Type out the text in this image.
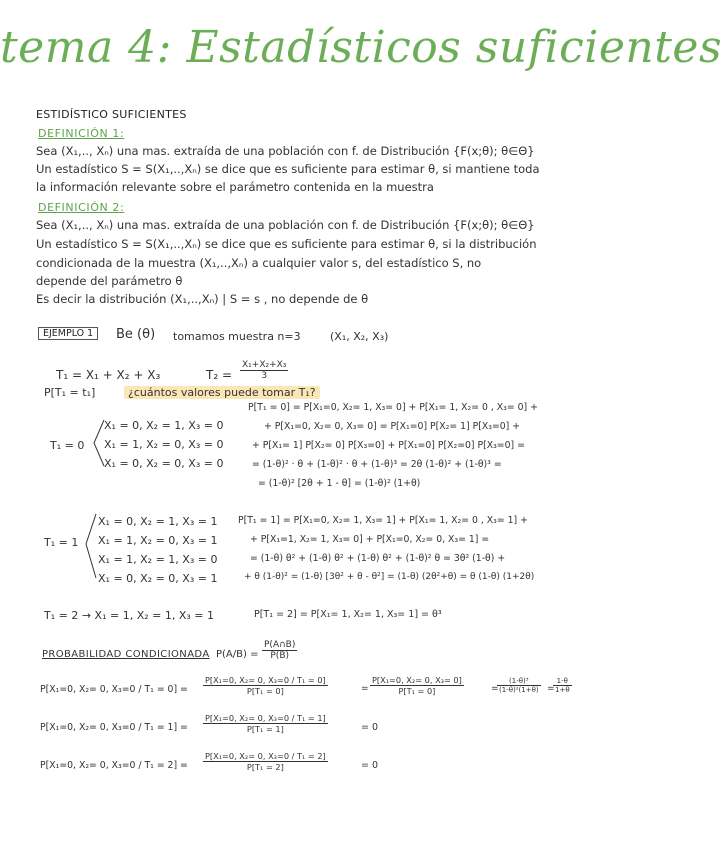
tema 4: Estadísticos suficientes
ESTIDÍSTICO SUFICIENTES
DEFINICIÓN 1:
Sea (X₁,.., Xₙ) una mas. extraída de una población con f. de Distribución {F(x;θ); θ∈Θ}
Un estadístico S = S(X₁,..,Xₙ) se dice que es suficiente para estimar θ, si mantiene toda
la información relevante sobre el parámetro contenida en la muestra
DEFINICIÓN 2:
Sea (X₁,.., Xₙ) una mas. extraída de una población con f. de Distribución {F(x;θ); θ∈Θ}
Un estadístico S = S(X₁,..,Xₙ) se dice que es suficiente para estimar θ, si la distribución
condicionada de la muestra (X₁,..,Xₙ) a cualquier valor s, del estadístico S, no
depende del parámetro θ
Es decir la distribución (X₁,..,Xₙ) | S = s , no depende de θ
EJEMPLO 1	Be (θ) tomamos muestra n=3	(X₁, X₂, X₃)
T₁ = X₁ + X₂ + X₃	$T_2 = \frac{\text{X₁+X₂+X₃}}{3}$
P[T₁ = t₁]	¿cuántos valores puede tomar T₁?
T₁ = 0
X₁ = 0, X₂ = 1, X₃ = 0
X₁ = 1, X₂ = 0, X₃ = 0
X₁ = 0, X₂ = 0, X₃ = 0
P[T₁ = 0] = P[X₁=0, X₂= 1, X₃= 0] + P[X₁= 1, X₂= 0 , X₃= 0] +
+ P[X₁=0, X₂= 0, X₃= 0] = P[X₁=0] P[X₂= 1] P[X₃=0] +
+ P[X₁= 1] P[X₂= 0] P[X₃=0] + P[X₁=0] P[X₂=0] P[X₃=0] =
= (1-θ)² · θ + (1-θ)² · θ + (1-θ)³ = 2θ (1-θ)² + (1-θ)³ =
= (1-θ)² [2θ + 1 - θ] = (1-θ)² (1+θ)
T₁ = 1
X₁ = 0, X₂ = 1, X₃ = 1
X₁ = 1, X₂ = 0, X₃ = 1
X₁ = 1, X₂ = 1, X₃ = 0
X₁ = 0, X₂ = 0, X₃ = 1
P[T₁ = 1] = P[X₁=0, X₂= 1, X₃= 1] + P[X₁= 1, X₂= 0 , X₃= 1] +
+ P[X₁=1, X₂= 1, X₃= 0] + P[X₁=0, X₂= 0, X₃= 1] =
= (1-θ) θ² + (1-θ) θ² + (1-θ) θ² + (1-θ)² θ = 3θ² (1-θ) +
+ θ (1-θ)² = (1-θ) [3θ² + θ - θ²] = (1-θ) (2θ²+θ) = θ (1-θ) (1+2θ)
T₁ = 2 → X₁ = 1, X₂ = 1, X₃ = 1	P[T₁ = 2] = P[X₁= 1, X₂= 1, X₃= 1] = θ³
PROBABILIDAD CONDICIONADA $P(A/B) = \frac{P(A\cap B)}{P(B)}$
P[X₁=0, X₂= 0, $X_3=0 / T_1 = 0] = \frac{\text{P[X₁=0, X₂= 0, X₃=0 / T₁ = 0]}}{\text{P[T₁ = 0]}}$	= $\frac{\text{P[X₁=0, X₂= 0, X₃= 0]}}{\text{P[T₁ = 0]}}$	=
$\frac{\text{(1-θ)³}}{\text{(1-θ)²(1+θ)}}$ =
$\frac{1-\theta}{1+\theta}$
P[X₁=0, X₂= 0, $X_3=0 / T_1 = 1] = \frac{\text{P[X₁=0, X₂= 0, X₃=0 / T₁ = 1]}}{\text{P[T₁ = 1]}}$	= 0
P[X₁=0, X₂= 0, $X_3=0 / T_1 = 2] = \frac{\text{P[X₁=0, X₂= 0, X₃=0 / T₁ = 2]}}{\text{P[T₁ = 2]}}$	= 0
